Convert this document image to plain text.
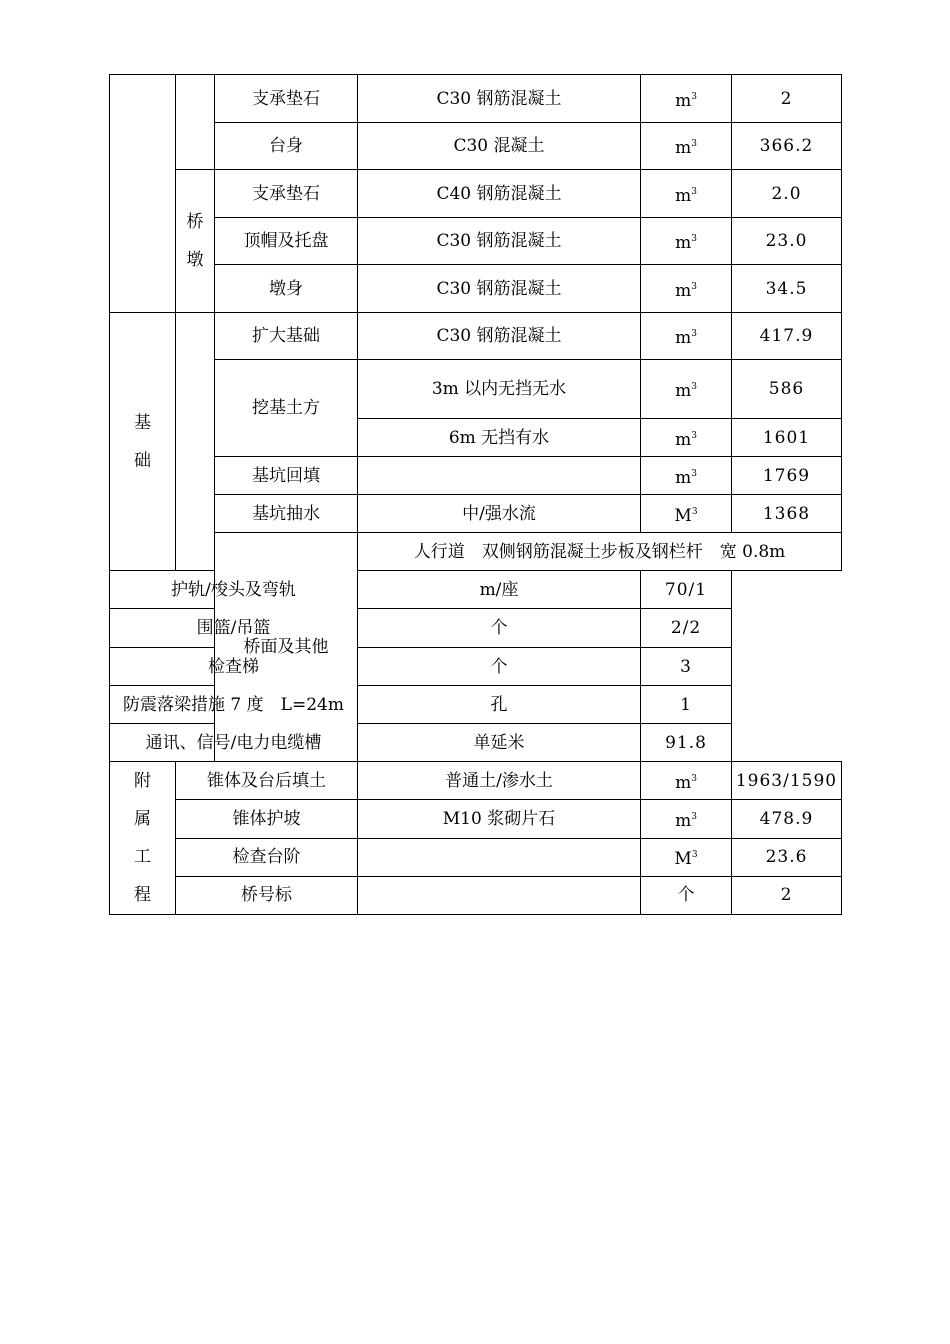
		支承垫石	C30 钢筋混凝土	$m^3$	2	
		台身	C30 混凝土	$m^3$	366.2	
	桥墩	支承垫石	C40 钢筋混凝土	$m^3$	2.0	
		顶帽及托盘	C30 钢筋混凝土	$m^3$	23.0	
		墩身	C30 钢筋混凝土	$m^3$	34.5	
基础		扩大基础	C30 钢筋混凝土	$m^3$	417.9	
		挖基土方	3m 以内无挡无水	$m^3$	586	
			6m 无挡有水	$m^3$	1601	
		基坑回填		$m^3$	1769	
		基坑抽水	中/强水流	$M^3$	1368	
		桥面及其他	人行道　双侧钢筋混凝土步板及钢栏杆　宽 0.8m		
护轨/梭头及弯轨			m/座	70/1		
围篮/吊篮			个	2/2		
检查梯			个	3		
防震落梁措施 7 度　L=24m			孔	1		
通讯、信号/电力电缆槽			单延米	91.8		
附属工程	锥体及台后填土		普通土/渗水土	$m^3$	1963/1590	
	锥体护坡		M10 浆砌片石	$m^3$	478.9	
	检查台阶			$M^3$	23.6	
	桥号标			个	2	
